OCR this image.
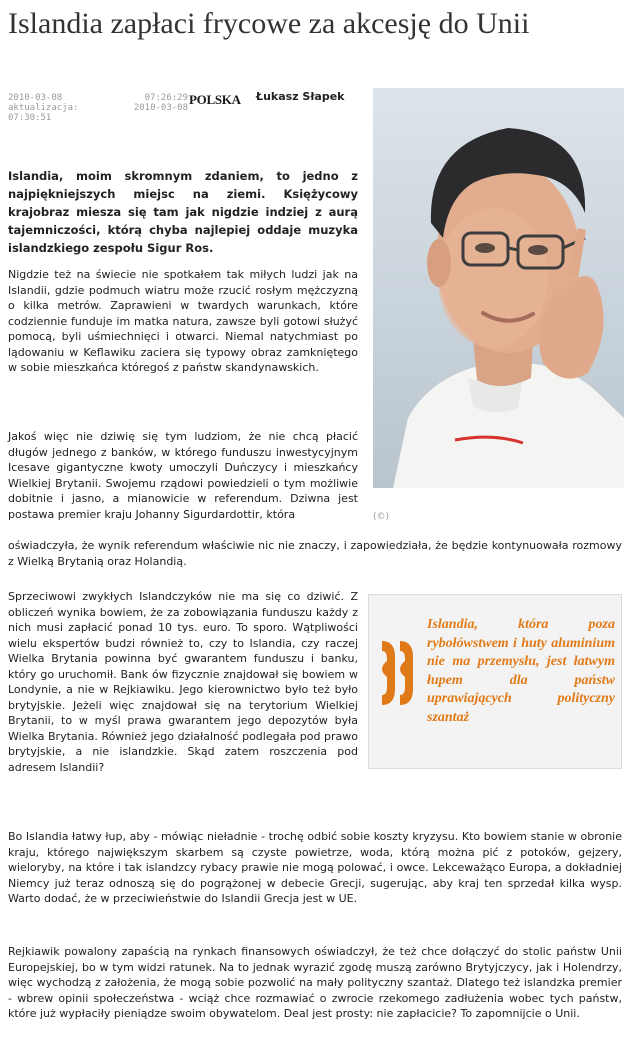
Islandia zapłaci frycowe za akcesję do Unii
2010-03-08	07:26:29
aktualizacja:	2010-03-08
07:30:51
POLSKA Łukasz Słapek
(©)

Islandia, moim skromnym zdaniem, to jedno z najpiękniejszych miejsc na ziemi. Księżycowy krajobraz miesza się tam jak nigdzie indziej z aurą tajemniczości, którą chyba najlepiej oddaje muzyka islandzkiego zespołu Sigur Ros.

Nigdzie też na świecie nie spotkałem tak miłych ludzi jak na Islandii, gdzie podmuch wiatru może rzucić rosłym mężczyzną o kilka metrów. Zaprawieni w twardych warunkach, które codziennie funduje im matka natura, zawsze byli gotowi służyć pomocą, byli uśmiechnięci i otwarci. Niemal natychmiast po lądowaniu w Keflawiku zaciera się typowy obraz zamkniętego w sobie mieszkańca któregoś z państw skandynawskich.

Jakoś więc nie dziwię się tym ludziom, że nie chcą płacić długów jednego z banków, w którego funduszu inwestycyjnym Icesave gigantyczne kwoty umoczyli Duńczycy i mieszkańcy Wielkiej Brytanii. Swojemu rządowi powiedzieli o tym możliwie dobitnie i jasno, a mianowicie w referendum. Dziwna jest postawa premier kraju Johanny Sigurdardottir, która

oświadczyła, że wynik referendum właściwie nic nie znaczy, i zapowiedziała, że będzie kontynuowała rozmowy z Wielką Brytanią oraz Holandią.

Sprzeciwowi zwykłych Islandczyków nie ma się co dziwić. Z obliczeń wynika bowiem, że za zobowiązania funduszu każdy z nich musi zapłacić ponad 10 tys. euro. To sporo. Wątpliwości wielu ekspertów budzi również to, czy to Islandia, czy raczej Wielka Brytania powinna być gwarantem funduszu i banku, który go uruchomił. Bank ów fizycznie znajdował się bowiem w Londynie, a nie w Rejkiawiku. Jego kierownictwo było też było brytyjskie. Jeżeli więc znajdował się na terytorium Wielkiej Brytanii, to w myśl prawa gwarantem jego depozytów była Wielka Brytania. Również jego działalność podlegała pod prawo brytyjskie, a nie islandzkie. Skąd zatem roszczenia pod adresem Islandii?

Bo Islandia łatwy łup, aby - mówiąc nieładnie - trochę odbić sobie koszty kryzysu. Kto bowiem stanie w obronie kraju, którego największym skarbem są czyste powietrze, woda, którą można pić z potoków, gejzery, wieloryby, na które i tak islandzcy rybacy prawie nie mogą polować, i owce. Lekceważąco Europa, a dokładniej Niemcy już teraz odnoszą się do pogrążonej w debecie Grecji, sugerując, aby kraj ten sprzedał kilka wysp. Warto dodać, że w przeciwieństwie do Islandii Grecja jest w UE.

Rejkiawik powalony zapaścią na rynkach finansowych oświadczył, że też chce dołączyć do stolic państw Unii Europejskiej, bo w tym widzi ratunek. Na to jednak wyrazić zgodę muszą zarówno Brytyjczycy, jak i Holendrzy, więc wychodzą z założenia, że mogą sobie pozwolić na mały polityczny szantaż. Dlatego też islandzka premier - wbrew opinii społeczeństwa - wciąż chce rozmawiać o zwrocie rzekomego zadłużenia wobec tych państw, które już wypłaciły pieniądze swoim obywatelom. Deal jest prosty: nie zapłacicie? To zapomnijcie o Unii.

Islandia, która poza rybołówstwem i huty aluminium nie ma przemysłu, jest łatwym łupem dla państw uprawiających polityczny szantaż
